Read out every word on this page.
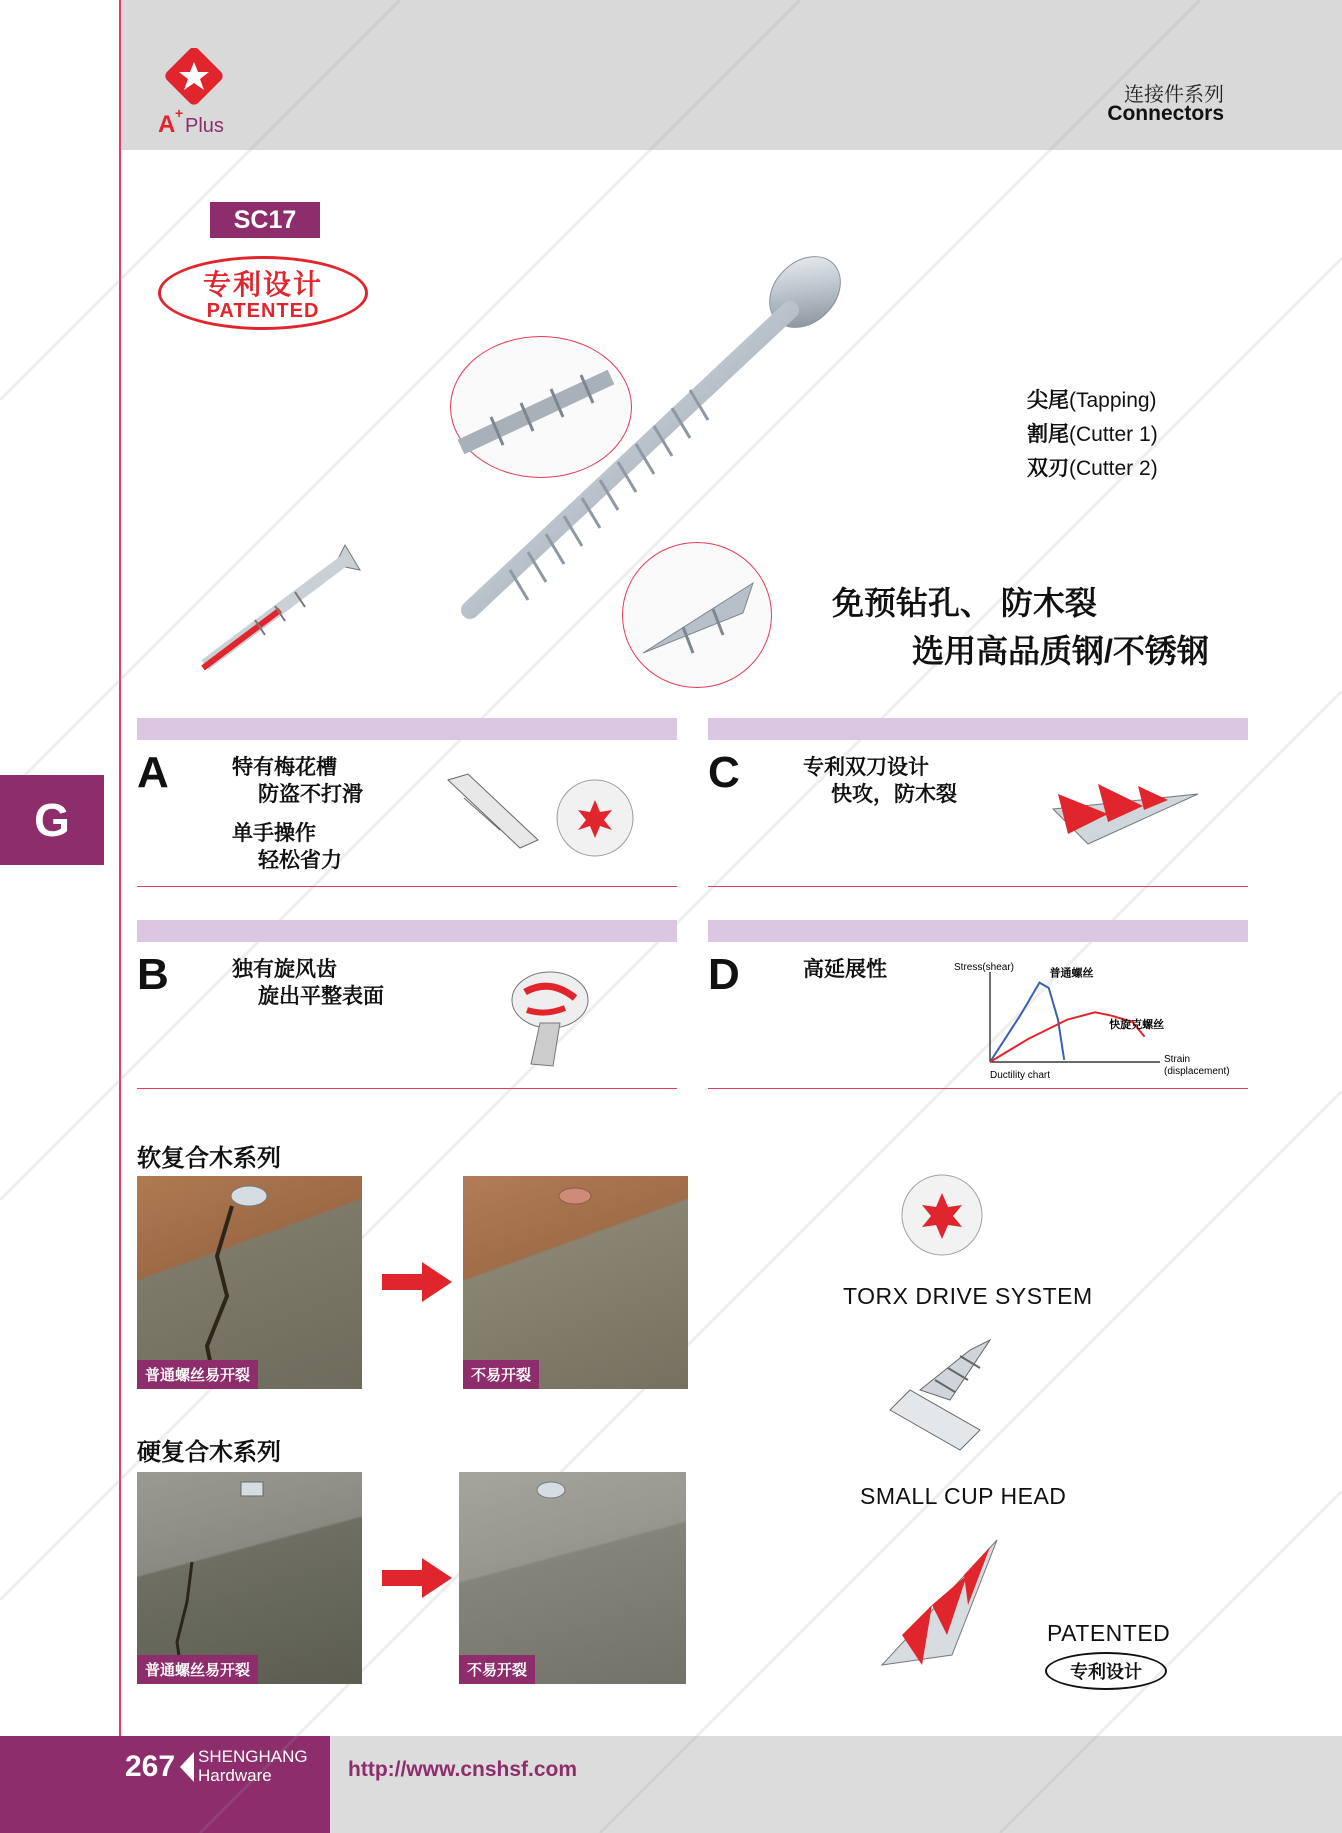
A +
Plus
连接件系列
Connectors
G
SC17
专利设计
PATENTED
尖尾(Tapping)
割尾(Cutter 1)
双刃(Cutter 2)
免预钻孔、 防木裂
选用高品质钢/不锈钢
A	特有梅花槽
防盗不打滑
单手操作
轻松省力
C	专利双刀设计
快攻，防木裂
B	独有旋风齿
旋出平整表面	D	高延展性	Stress(shear)
Strain (displacement)
Ductility chart
普通螺丝
快旋克螺丝
软复合木系列
普通螺丝易开裂	不易开裂
硬复合木系列
普通螺丝易开裂	不易开裂
TORX DRIVE SYSTEM
SMALL CUP HEAD
PATENTED
专利设计
267 SHENGHANG
Hardware	http://www.cnshsf.com
